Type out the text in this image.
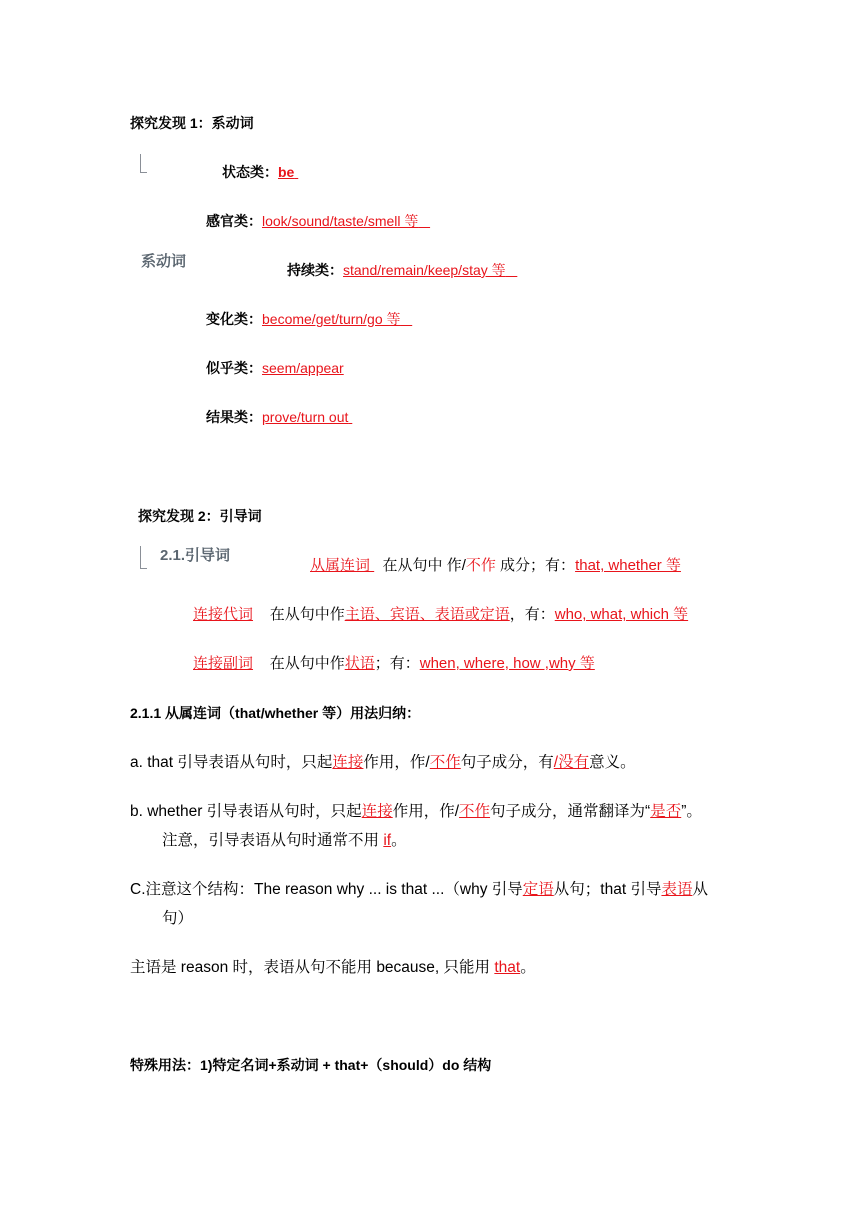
探究发现 1：系动词
系动词
状态类：be
感官类：look/sound/taste/smell 等
持续类：stand/remain/keep/stay 等
变化类：become/get/turn/go 等
似乎类：seem/appear
结果类：prove/turn out
探究发现 2：引导词
2.1.引导词
从属连词 在从句中 作/不作 成分；有：that, whether 等
连接代词 在从句中作主语、宾语、表语或定语，有：who, what, which 等
连接副词 在从句中作状语；有：when, where, how ,why 等
2.1.1 从属连词（that/whether 等）用法归纳：
a. that 引导表语从句时，只起连接作用，作/不作句子成分，有/没有意义。
b. whether 引导表语从句时，只起连接作用，作/不作句子成分，通常翻译为“是否”。
注意，引导表语从句时通常不用 if。
C.注意这个结构：The reason why ... is that ...（why 引导定语从句；that 引导表语从
句）
主语是 reason 时，表语从句不能用 because, 只能用 that。
特殊用法：1)特定名词+系动词 + that+（should）do 结构
